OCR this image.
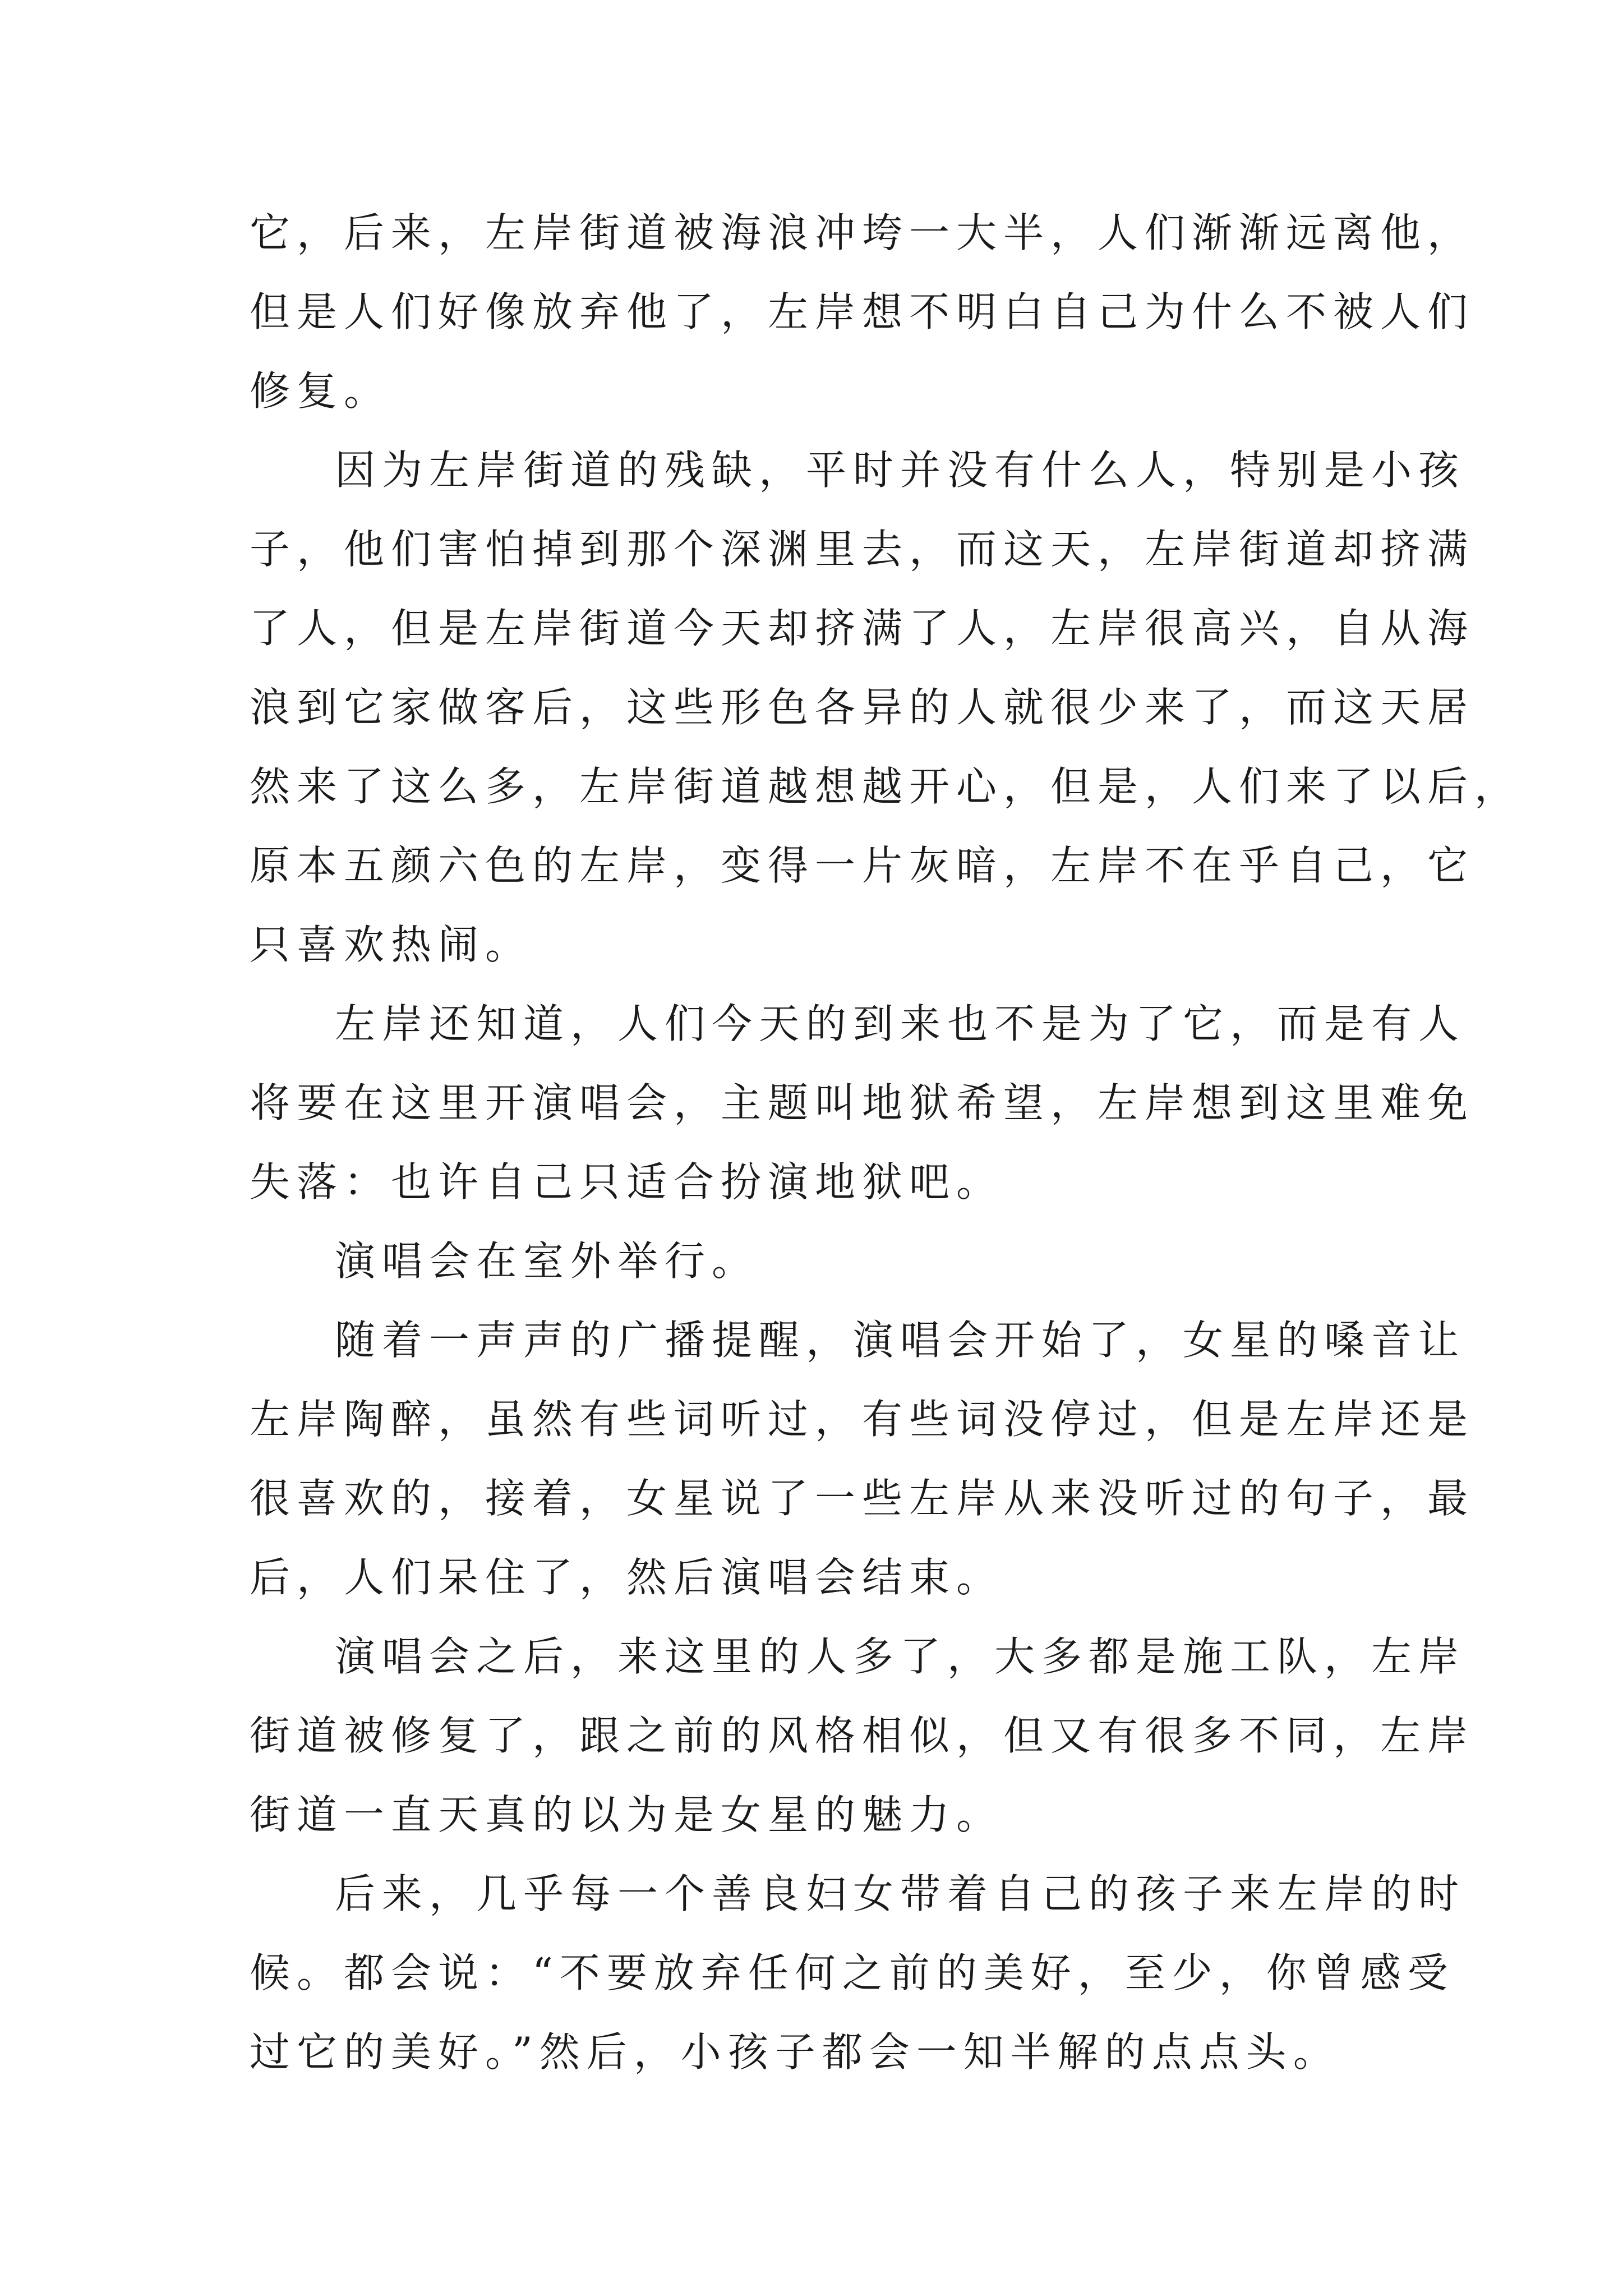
它，后来，左岸街道被海浪冲垮一大半，人们渐渐远离他，
但是人们好像放弃他了，左岸想不明白自己为什么不被人们
修复。
因为左岸街道的残缺，平时并没有什么人，特别是小孩
子，他们害怕掉到那个深渊里去，而这天，左岸街道却挤满
了人，但是左岸街道今天却挤满了人，左岸很高兴，自从海
浪到它家做客后，这些形色各异的人就很少来了，而这天居
然来了这么多，左岸街道越想越开心，但是，人们来了以后，
原本五颜六色的左岸，变得一片灰暗，左岸不在乎自己，它
只喜欢热闹。
左岸还知道，人们今天的到来也不是为了它，而是有人
将要在这里开演唱会，主题叫地狱希望，左岸想到这里难免
失落：也许自己只适合扮演地狱吧。
演唱会在室外举行。
随着一声声的广播提醒，演唱会开始了，女星的嗓音让
左岸陶醉，虽然有些词听过，有些词没停过，但是左岸还是
很喜欢的，接着，女星说了一些左岸从来没听过的句子，最
后，人们呆住了，然后演唱会结束。
演唱会之后，来这里的人多了，大多都是施工队，左岸
街道被修复了，跟之前的风格相似，但又有很多不同，左岸
街道一直天真的以为是女星的魅力。
后来，几乎每一个善良妇女带着自己的孩子来左岸的时
候。都会说：“不要放弃任何之前的美好，至少，你曾感受
过它的美好。”然后，小孩子都会一知半解的点点头。
